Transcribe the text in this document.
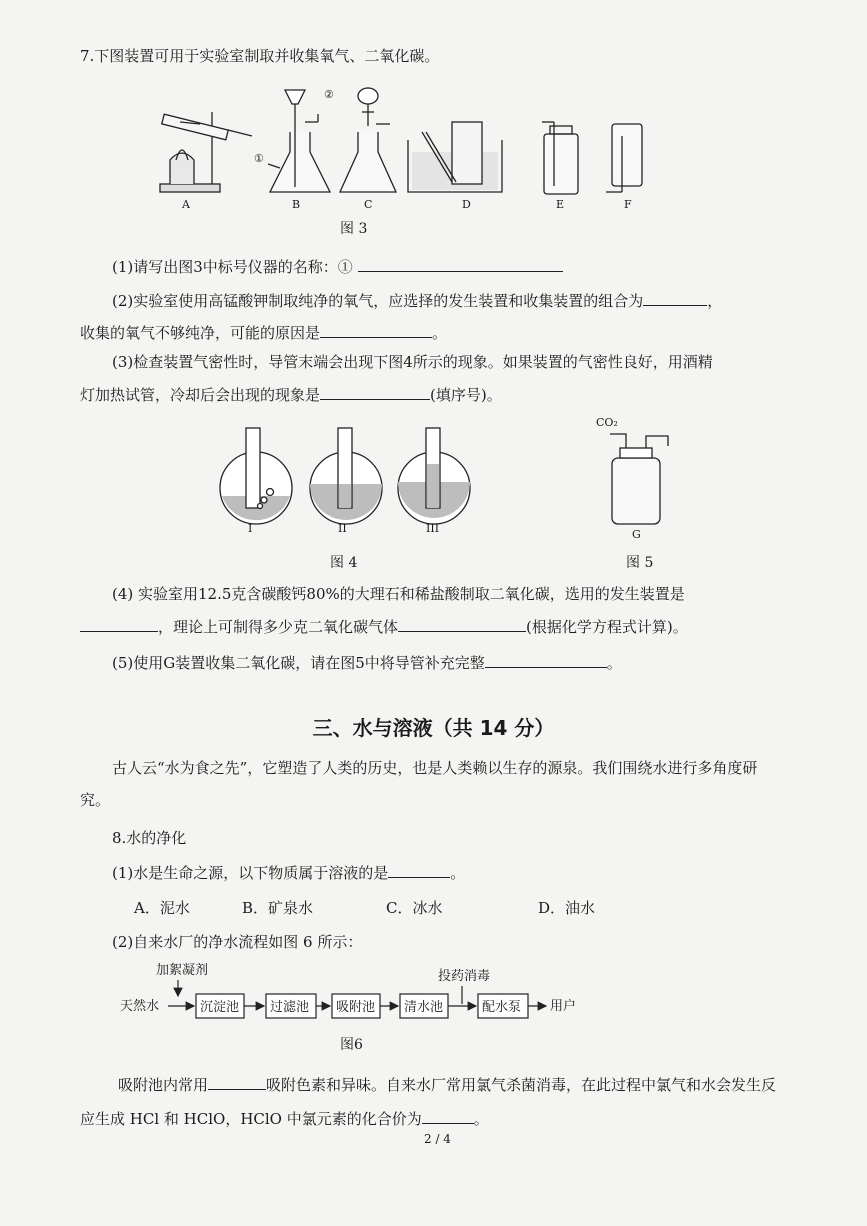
7.下图装置可用于实验室制取并收集氧气、二氧化碳。
A	B	C	D	E	F
①
②
图 3
(1)请写出图3中标号仪器的名称：①
(2)实验室使用高锰酸钾制取纯净的氧气，应选择的发生装置和收集装置的组合为	，
收集的氧气不够纯净，可能的原因是	。
(3)检查装置气密性时，导管末端会出现下图4所示的现象。如果装置的气密性良好，用酒精
灯加热试管，冷却后会出现的现象是	(填序号)。
I	II	III
图 4
CO₂
G
图 5
(4) 实验室用12.5克含碳酸钙80%的大理石和稀盐酸制取二氧化碳，选用的发生装置是
，理论上可制得多少克二氧化碳气体	(根据化学方程式计算)。
(5)使用G装置收集二氧化碳，请在图5中将导管补充完整	。
三、水与溶液（共 14 分）
古人云“水为食之先”，它塑造了人类的历史，也是人类赖以生存的源泉。我们围绕水进行多角度研
究。
8.水的净化
(1)水是生命之源，以下物质属于溶液的是	。
A．泥水	B．矿泉水	C．冰水	D．油水
(2)自来水厂的净水流程如图 6 所示：
加絮凝剂
天然水	沉淀池 过滤池 吸附池 清水池
投药消毒
配水泵 用户
图6
吸附池内常用	吸附色素和异味。自来水厂常用氯气杀菌消毒，在此过程中氯气和水会发生反
应生成 HCl 和 HClO，HClO 中氯元素的化合价为	。
2 / 4
